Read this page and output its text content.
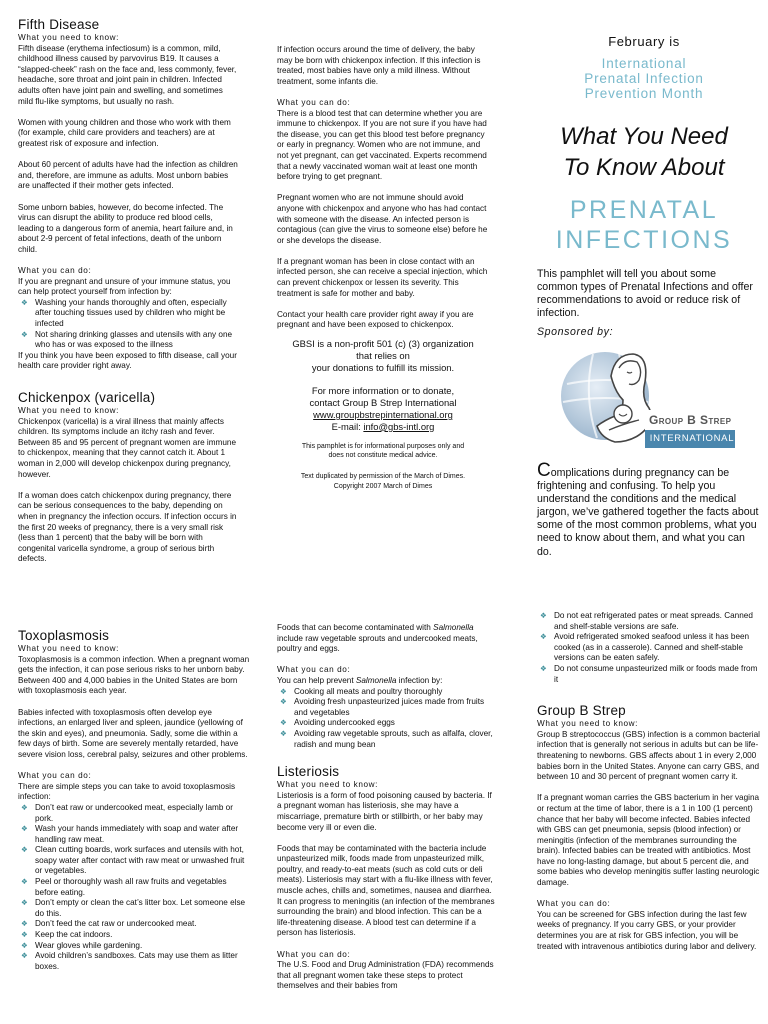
Fifth Disease
What you need to know:
Fifth disease (erythema infectiosum) is a common, mild, childhood illness caused by parvovirus B19. It causes a “slapped-cheek” rash on the face and, less commonly, fever, headache, sore throat and joint pain in children. Infected adults often have joint pain and swelling, and sometimes mild flu-like symptoms, but usually no rash.
Women with young children and those who work with them (for example, child care providers and teachers) are at greatest risk of exposure and infection.
About 60 percent of adults have had the infection as children and, therefore, are immune as adults. Most unborn babies are unaffected if their mother gets infected.
Some unborn babies, however, do become infected. The virus can disrupt the ability to produce red blood cells, leading to a dangerous form of anemia, heart failure and, in about 2-9 percent of fetal infections, death of the unborn child.
What you can do:
If you are pregnant and unsure of your immune status, you can help protect yourself from infection by:
❖ Washing your hands thoroughly and often, especially after touching tissues used by children who might be infected
❖ Not sharing drinking glasses and utensils with any one who has or was exposed to the illness
If you think you have been exposed to fifth disease, call your health care provider right away.
Chickenpox (varicella)
What you need to know:
Chickenpox (varicella) is a viral illness that mainly affects children. Its symptoms include an itchy rash and fever. Between 85 and 95 percent of pregnant women are immune to chickenpox, meaning that they cannot catch it. About 1 woman in 2,000 will develop chickenpox during pregnancy, however.
If a woman does catch chickenpox during pregnancy, there can be serious consequences to the baby, depending on when in pregnancy the infection occurs. If infection occurs in the first 20 weeks of pregnancy, there is a very small risk (less than 1 percent) that the baby will be born with congenital varicella syndrome, a group of serious birth defects.
If infection occurs around the time of delivery, the baby may be born with chickenpox infection. If this infection is treated, most babies have only a mild illness. Without treatment, some infants die.
What you can do:
There is a blood test that can determine whether you are immune to chickenpox. If you are not sure if you have had the disease, you can get this blood test before pregnancy or early in pregnancy. Women who are not immune, and not yet pregnant, can get vaccinated. Experts recommend that a newly vaccinated woman wait at least one month before trying to get pregnant.
Pregnant women who are not immune should avoid anyone with chickenpox and anyone who has had contact with someone with the disease. An infected person is contagious (can give the virus to someone else) before he or she develops the disease.
If a pregnant woman has been in close contact with an infected person, she can receive a special injection, which can prevent chickenpox or lessen its severity. This treatment is safe for mother and baby.
Contact your health care provider right away if you are pregnant and have been exposed to chickenpox.
GBSI is a non-profit 501 (c) (3) organization
that relies on
your donations to fulfill its mission.
For more information or to donate,
contact Group B Strep International
www.groupbstrepinternational.org
E-mail: info@gbs-intl.org
This pamphlet is for informational purposes only and
does not constitute medical advice.
Text duplicated by permission of the March of Dimes.
Copyright 2007 March of Dimes
February is
International
Prenatal Infection
Prevention Month
What You Need
To Know About
PRENATAL
INFECTIONS
This pamphlet will tell you about some common types of Prenatal Infections and offer recommendations to avoid or reduce risk of infection.
Sponsored by:
Group B Strep
INTERNATIONAL
Complications during pregnancy can be frightening and confusing. To help you understand the conditions and the medical jargon, we’ve gathered together the facts about some of the most common problems, what you need to know about them, and what you can do.
Toxoplasmosis
What you need to know:
Toxoplasmosis is a common infection. When a pregnant woman gets the infection, it can pose serious risks to her unborn baby. Between 400 and 4,000 babies in the United States are born with toxoplasmosis each year.
Babies infected with toxoplasmosis often develop eye infections, an enlarged liver and spleen, jaundice (yellowing of the skin and eyes), and pneumonia. Sadly, some die within a few days of birth. Some are severely mentally retarded, have severe vision loss, cerebral palsy, seizures and other problems.
What you can do:
There are simple steps you can take to avoid toxoplasmosis infection:
❖ Don’t eat raw or undercooked meat, especially lamb or pork.
❖ Wash your hands immediately with soap and water after handling raw meat.
❖ Clean cutting boards, work surfaces and utensils with hot, soapy water after contact with raw meat or unwashed fruit or vegetables.
❖ Peel or thoroughly wash all raw fruits and vegetables before eating.
❖ Don’t empty or clean the cat’s litter box. Let someone else do this.
❖ Don’t feed the cat raw or undercooked meat.
❖ Keep the cat indoors.
❖ Wear gloves while gardening.
❖ Avoid children’s sandboxes. Cats may use them as litter boxes.
Foods that can become contaminated with Salmonella include raw vegetable sprouts and undercooked meats, poultry and eggs.
What you can do:
You can help prevent Salmonella infection by:
❖ Cooking all meats and poultry thoroughly
❖ Avoiding fresh unpasteurized juices made from fruits and vegetables
❖ Avoiding undercooked eggs
❖ Avoiding raw vegetable sprouts, such as alfalfa, clover, radish and mung bean
Listeriosis
What you need to know:
Listeriosis is a form of food poisoning caused by bacteria. If a pregnant woman has listeriosis, she may have a miscarriage, premature birth or stillbirth, or her baby may become very ill or even die.
Foods that may be contaminated with the bacteria include unpasteurized milk, foods made from unpasteurized milk, poultry, and ready-to-eat meats (such as cold cuts or deli meats). Listeriosis may start with a flu-like illness with fever, muscle aches, chills and, sometimes, nausea and diarrhea. It can progress to meningitis (an infection of the membranes surrounding the brain) and blood infection. This can be a life-threatening disease. A blood test can determine if a person has listeriosis.
What you can do:
The U.S. Food and Drug Administration (FDA) recommends that all pregnant women take these steps to protect themselves and their babies from
❖ Do not eat refrigerated pates or meat spreads. Canned and shelf-stable versions are safe.
❖ Avoid refrigerated smoked seafood unless it has been cooked (as in a casserole). Canned and shelf-stable versions can be eaten safely.
❖ Do not consume unpasteurized milk or foods made from it
Group B Strep
What you need to know:
Group B streptococcus (GBS) infection is a common bacterial infection that is generally not serious in adults but can be life-threatening to newborns. GBS affects about 1 in every 2,000 babies born in the United States. Anyone can carry GBS, and between 10 and 30 percent of pregnant women carry it.
If a pregnant woman carries the GBS bacterium in her vagina or rectum at the time of labor, there is a 1 in 100 (1 percent) chance that her baby will become infected. Babies infected with GBS can get pneumonia, sepsis (blood infection) or meningitis (infection of the membranes surrounding the brain). Infected babies can be treated with antibiotics. Most have no long-lasting damage, but about 5 percent die, and some babies who develop meningitis suffer lasting neurologic damage.
What you can do:
You can be screened for GBS infection during the last few weeks of pregnancy. If you carry GBS, or your provider determines you are at risk for GBS infection, you will be treated with intravenous antibiotics during labor and delivery.
